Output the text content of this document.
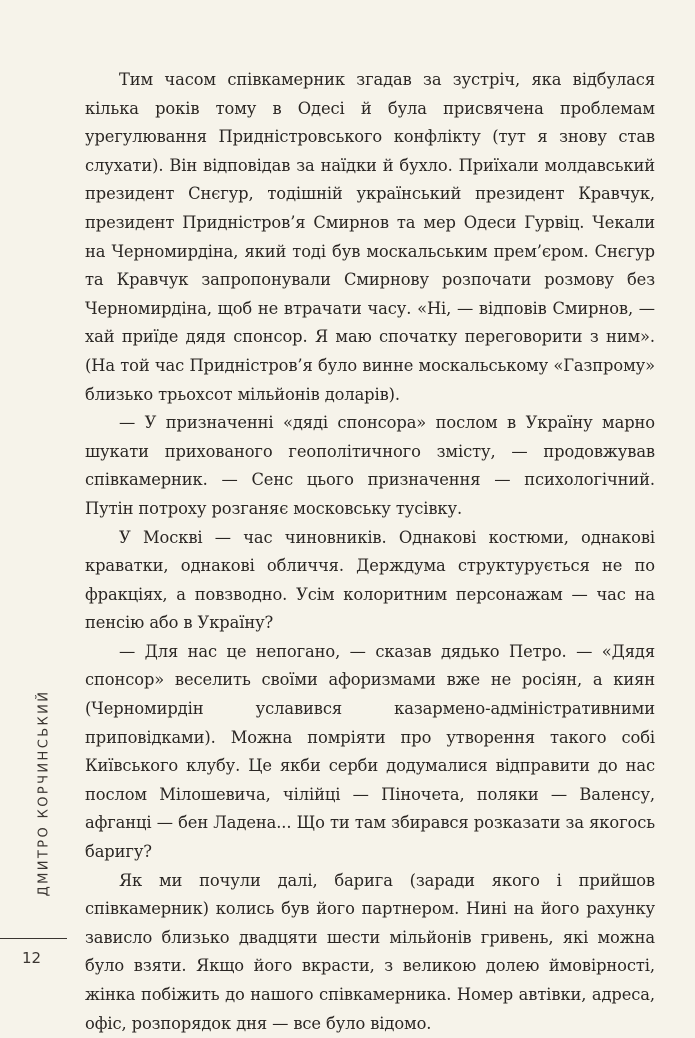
Тим часом співкамерник згадав за зустріч, яка відбулася кілька років тому в Одесі й була присвячена проблемам урегулювання Придністровського конфлікту (тут я знову став слухати). Він відповідав за наїдки й бухло. Приїхали молдавський президент Снєгур, тодішній український президент Кравчук, президент Придністров’я Смирнов та мер Одеси Гурвіц. Чекали на Черномирдіна, який тоді був москальським прем’єром. Снєгур та Кравчук запропонували Смирнову розпочати розмову без Черномирдіна, щоб не втрачати часу. «Ні, — відповів Смирнов, — хай приїде дядя спонсор. Я маю спочатку переговорити з ним». (На той час Придністров’я було винне москальському «Газпрому» близько трьохсот мільйонів доларів).

— У призначенні «дяді спонсора» послом в Україну марно шукати прихованого геополітичного змісту, — продовжував співкамерник. — Сенс цього призначення — психологічний. Путін потроху розганяє московську тусівку.

У Москві — час чиновників. Однакові костюми, однакові краватки, однакові обличчя. Держдума структурується не по фракціях, а повзводно. Усім колоритним персонажам — час на пенсію або в Україну?

— Для нас це непогано, — сказав дядько Петро. — «Дядя спонсор» веселить своїми афоризмами вже не росіян, а киян (Черномирдін уславився казармено-адміністративними приповідками). Можна помріяти про утворення такого собі Київського клубу. Це якби серби додумалися відправити до нас послом Мілошевича, чілійці — Піночета, поляки — Валенсу, афганці — бен Ладена... Що ти там збирався розказати за якогось баригу?

Як ми почули далі, барига (заради якого і прийшов співкамерник) колись був його партнером. Нині на його рахунку зависло близько двадцяти шести мільйонів гривень, які можна було взяти. Якщо його вкрасти, з великою долею ймовірності, жінка побіжить до нашого співкамерника. Номер автівки, адреса, офіс, розпорядок дня — все було відомо.

ДМИТРО КОРЧИНСЬКИЙ
12
